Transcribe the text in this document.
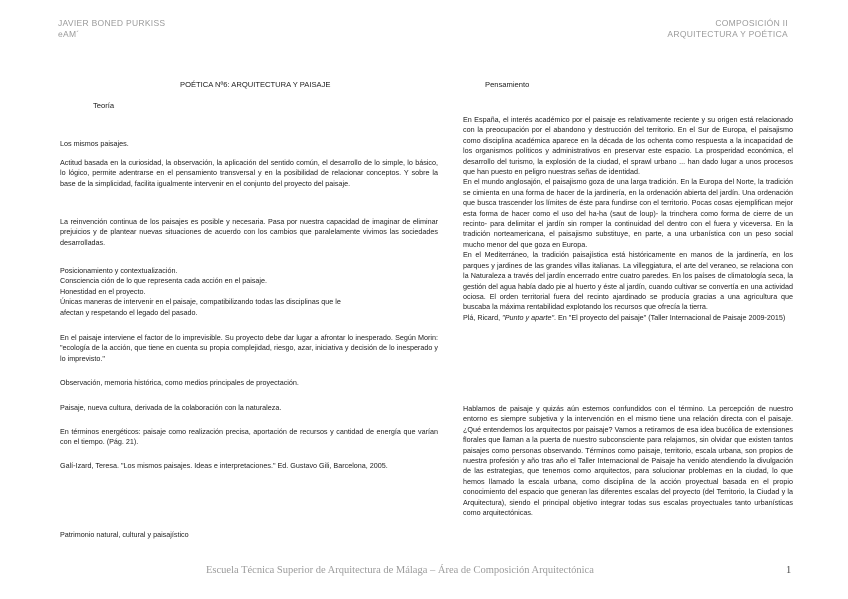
JAVIER BONED PURKISS
eAM´
COMPOSICIÓN II
ARQUITECTURA Y POÉTICA
POÉTICA Nº6: ARQUITECTURA Y PAISAJE
Teoría
Los mismos paisajes.

Actitud basada en la curiosidad, la observación, la aplicación del sentido común, el desarrollo de lo simple, lo básico, lo lógico, permite adentrarse en el pensamiento transversal y en la posibilidad de relacionar conceptos. Y sobre la base de la simplicidad, facilita igualmente intervenir en el conjunto del proyecto del paisaje.

La reinvención continua de los paisajes es posible y necesaria. Pasa por nuestra capacidad de imaginar de eliminar prejuicios y de plantear nuevas situaciones de acuerdo con los cambios que paralelamente vivimos las sociedades desarrolladas.

Posicionamiento y contextualización.
Consciencia ción de lo que representa cada acción en el paisaje.
Honestidad en el proyecto.
Únicas maneras de intervenir en el paisaje, compatibilizando todas las disciplinas que le
afectan y respetando el legado del pasado.

En el paisaje interviene el factor de lo imprevisible. Su proyecto debe dar lugar a afrontar lo inesperado. Según Morin: "ecología de la acción, que tiene en cuenta su propia complejidad, riesgo, azar, iniciativa y decisión de lo inesperado y lo imprevisto."

Observación, memoria histórica, como medios principales de proyectación.

Paisaje, nueva cultura, derivada de la colaboración con la naturaleza.

En términos energéticos: paisaje como realización precisa, aportación de recursos y cantidad de energía que varían con el tiempo. (Pág. 21).

Galí-Izard, Teresa. "Los mismos paisajes. Ideas e interpretaciones." Ed. Gustavo Gili, Barcelona, 2005.

Patrimonio natural, cultural y paisajístico

Pensamiento

En España, el interés académico por el paisaje es relativamente reciente y su origen está relacionado con la preocupación por el abandono y destrucción del territorio. En el Sur de Europa, el paisajismo como disciplina académica aparece en la década de los ochenta como respuesta a la incapacidad de los organismos políticos y administrativos en preservar este espacio. La prosperidad económica, el desarrollo del turismo, la explosión de la ciudad, el sprawl urbano ... han dado lugar a unos procesos que han puesto en peligro nuestras señas de identidad.

En el mundo anglosajón, el paisajismo goza de una larga tradición. En la Europa del Norte, la tradición se cimienta en una forma de hacer de la jardinería, en la ordenación abierta del jardín. Una ordenación que busca trascender los límites de éste para fundirse con el territorio. Pocas cosas ejemplifican mejor esta forma de hacer como el uso del ha-ha (saut de loup)- la trinchera como forma de cierre de un recinto- para delimitar el jardín sin romper la continuidad del dentro con el fuera y viceversa. En la tradición norteamericana, el paisajismo substituye, en parte, a una urbanística con un peso social mucho menor del que goza en Europa.

En el Mediterráneo, la tradición paisajística está históricamente en manos de la jardinería, en los parques y jardines de las grandes villas italianas. La villeggiatura, el arte del veraneo, se relaciona con la Naturaleza a través del jardín encerrado entre cuatro paredes. En los países de climatología seca, la gestión del agua había dado pie al huerto y éste al jardín, cuando cultivar se convertía en una actividad ociosa. El orden territorial fuera del recinto ajardinado se producía gracias a una agricultura que buscaba la máxima rentabilidad explotando los recursos que ofrecía la tierra.

Plá, Ricard, "Punto y aparte". En "El proyecto del paisaje" (Taller Internacional de Paisaje 2009-2015)

Hablamos de paisaje y quizás aún estemos confundidos con el término. La percepción de nuestro entorno es siempre subjetiva y la intervención en el mismo tiene una relación directa con el paisaje. ¿Qué entendemos los arquitectos por paisaje? Vamos a retiramos de esa idea bucólica de extensiones florales que llaman a la puerta de nuestro subconsciente para relajarnos, sin olvidar que existen tantos paisajes como personas observando. Términos como paisaje, territorio, escala urbana, son propios de nuestra profesión y año tras año el Taller Internacional de Paisaje ha venido atendiendo la divulgación de las estrategias, que tenemos como arquitectos, para solucionar problemas en la ciudad, lo que hemos llamado la escala urbana, como disciplina de la acción proyectual basada en el propio conocimiento del espacio que generan las diferentes escalas del proyecto (del Territorio, la Ciudad y la Arquitectura), siendo el principal objetivo integrar todas sus escalas proyectuales tanto urbanísticas como arquitectónicas.

Escuela Técnica Superior de Arquitectura de Málaga – Área de Composición Arquitectónica	1
